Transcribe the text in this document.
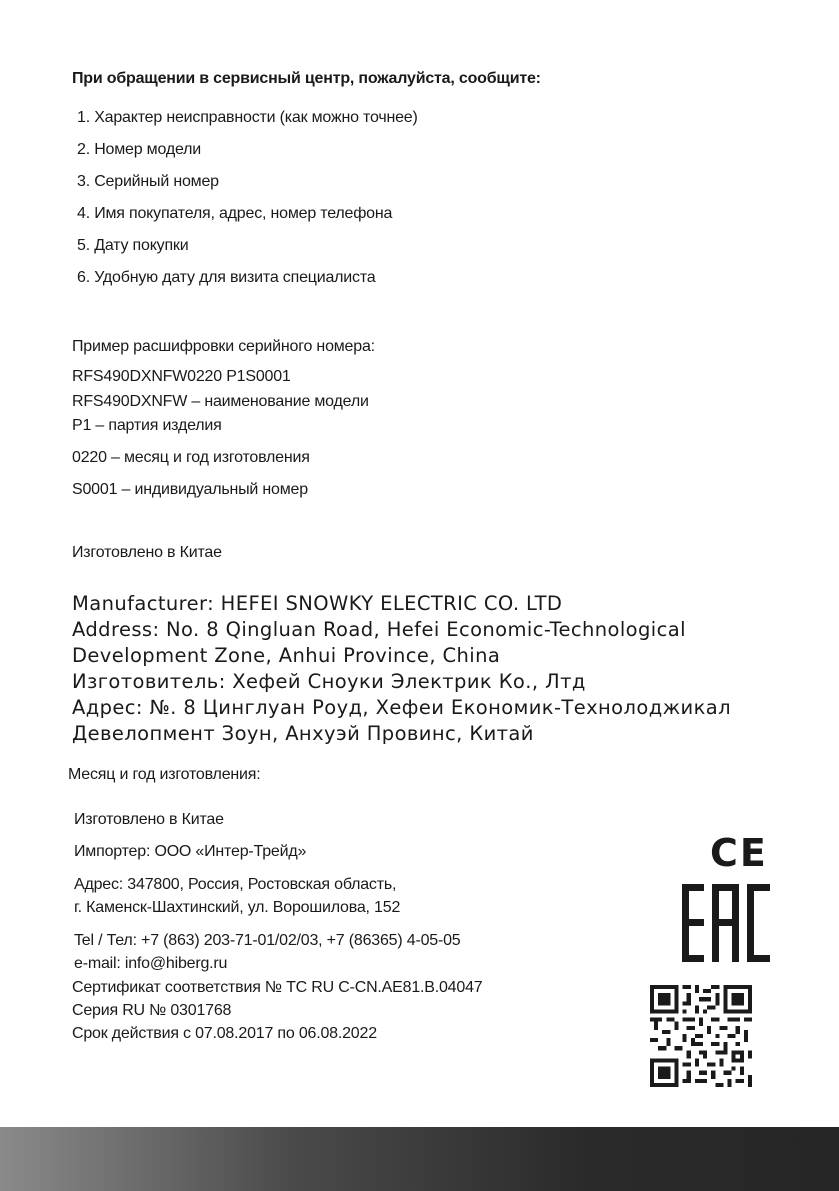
При обращении в сервисный центр, пожалуйста, сообщите:
1. Характер неисправности (как можно точнее)
2. Номер модели
3. Серийный номер
4. Имя покупателя, адрес, номер телефона
5. Дату покупки
6. Удобную дату для визита специалиста
Пример расшифровки серийного номера:
RFS490DXNFW0220 P1S0001
RFS490DXNFW – наименование модели
P1 – партия изделия
0220 – месяц и год изготовления
S0001 – индивидуальный номер
Изготовлено в Китае
Manufacturer: HEFEI SNOWKY ELECTRIC CO. LTD
Address: No. 8 Qingluan Road, Hefei Economic-Technological
Development Zone, Anhui Province, China
Изготовитель: Хефей Сноуки Электрик Ко., Лтд
Адрес: №. 8 Цинглуан Роуд, Хефеи Економик-Технолоджикал
Девелопмент Зоун, Анхуэй Провинс, Китай
Месяц и год изготовления:
Изготовлено в Китае
Импортер: ООО «Интер-Трейд»
Адрес: 347800, Россия, Ростовская область,
г. Каменск-Шахтинский, ул. Ворошилова, 152
Tel / Тел: +7 (863) 203-71-01/02/03, +7 (86365) 4-05-05
e-mail: info@hiberg.ru
Сертификат соответствия № ТС RU C-CN.AE81.B.04047
Серия RU № 0301768
Срок действия с 07.08.2017 по 06.08.2022
CE
